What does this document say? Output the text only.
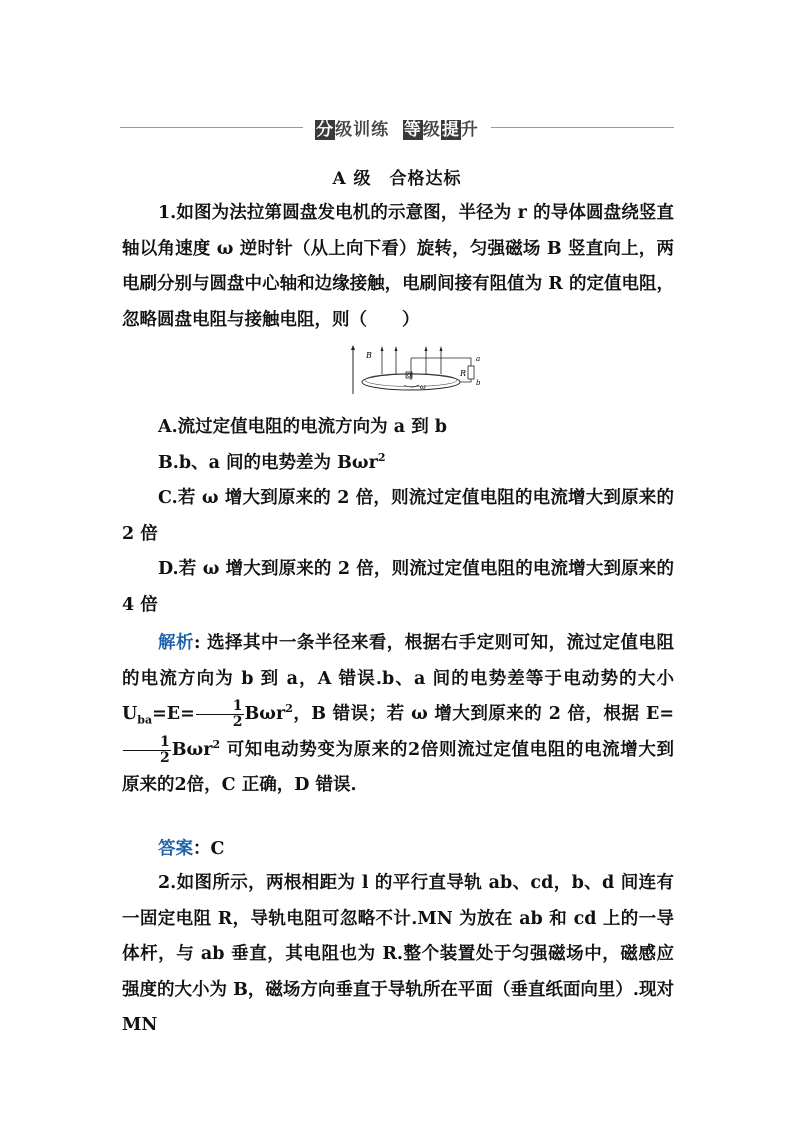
分级训练 等级提升
A 级　合格达标

1.如图为法拉第圆盘发电机的示意图，半径为 r 的导体圆盘绕竖直轴以角速度 ω 逆时针（从上向下看）旋转，匀强磁场 B 竖直向上，两电刷分别与圆盘中心轴和边缘接触，电刷间接有阻值为 R 的定值电阻，忽略圆盘电阻与接触电阻，则（　　）

B
O
ω
R
a
b

A.流过定值电阻的电流方向为 a 到 b

B.b、a 间的电势差为 Bωr$^2$

C.若 ω 增大到原来的 2 倍，则流过定值电阻的电流增大到原来的 2 倍

D.若 ω 增大到原来的 2 倍，则流过定值电阻的电流增大到原来的 4 倍

解析: 选择其中一条半径来看，根据右手定则可知，流过定值电阻的电流方向为 b 到 a，A 错误.b、a 间的电势差等于电动势的大小 $U_{ba}=E= \frac{1}{2} B\omega r^2$，B 错误；若 ω 增大到原来的 2 倍，根据 E=
$\frac{1}{2} B\omega r^2$ 可知电动势变为原来的2倍则流过定值电阻的电流增大到原来的2倍，C 正确，D 错误.

答案：C

2.如图所示，两根相距为 l 的平行直导轨 ab、cd，b、d 间连有一固定电阻 R，导轨电阻可忽略不计.MN 为放在 ab 和 cd 上的一导体杆，与 ab 垂直，其电阻也为 R.整个装置处于匀强磁场中，磁感应强度的大小为 B，磁场方向垂直于导轨所在平面（垂直纸面向里）.现对 MN
